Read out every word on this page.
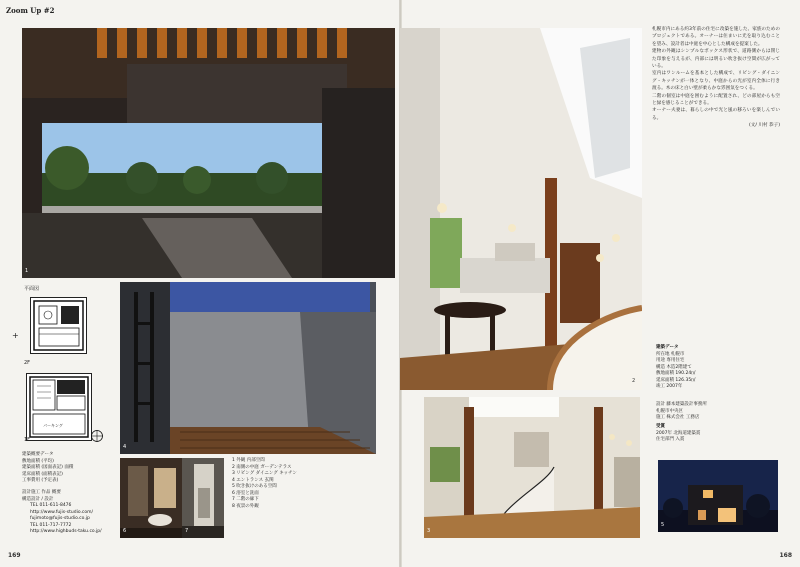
Zoom Up #2
1
平面図
+
2F
パーキング
1F
建築概要データ
敷地面積 (平均)
建築面積 (図面表記) 面積
延床面積 (面積表記)
工事費用 (予定表)
設計施工 作品 概要
構造設計 / 設計
TEL 011-611-8476
http://www.fujis-studio.com/
fujimoto@fujis-studio.co.jp
TEL 011-717-7772
http://www.highbuds-taku.co.jp/
4
6	7
1 外観 内部空間
2 南側の中庭 ガーデンテラス
3 リビング ダイニング キッチン
4 エントランス 玄関
5 吹き抜けのある空間
6 浴室と洗面
7 二階の廊下
8 夜景の外観
169
2

札幌市内にある約3年前の住宅に改築を施した、家族のためのプロジェクトである。オーナーは住まいに光を取り込むことを望み、設計者は中庭を中心とした構成を提案した。

建物の外観はシンプルなボックス形状で、道路側からは閉じた印象を与えるが、内部には明るい吹き抜け空間が広がっている。

室内はワンルームを基本とした構成で、リビング・ダイニング・キッチンが一体となり、中庭からの光が室内全体に行き渡る。木の床と白い壁が柔らかな雰囲気をつくる。

二階の個室は中庭を囲むように配置され、どの部屋からも空と緑を感じることができる。

オーナー夫妻は、暮らしの中で光と風の移ろいを楽しんでいる。

(文/ 川村 恭子)

建築データ
所在地 札幌市
用途 専用住宅
構造 木造2階建て
敷地面積 190.24㎡
延床面積 126.35㎡
竣工 2007年
設計 藤本建築設計事務所
札幌市中央区
施工 株式会社 工務店
受賞
2007年 北海道建築賞
住宅部門 入賞
3
5
168
